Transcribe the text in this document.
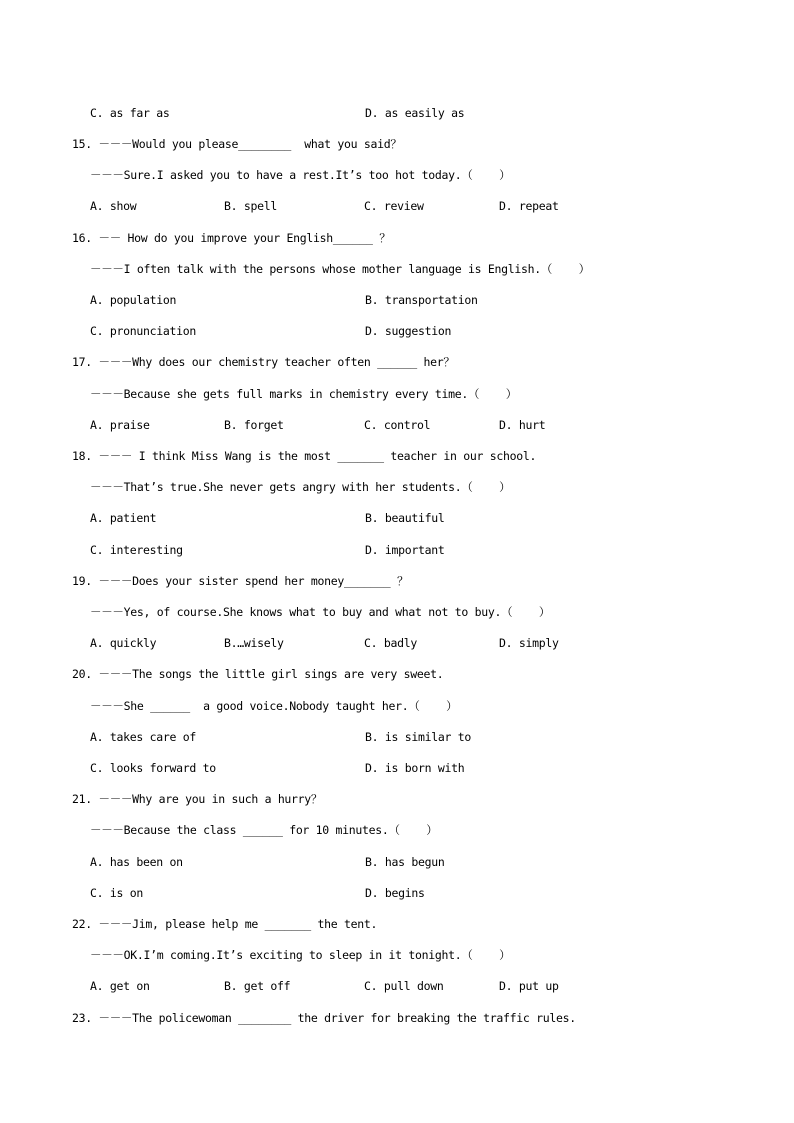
C. as far as	D. as easily as
15. －－－Would you please________  what you said？
－－－Sure.I asked you to have a rest.It’s too hot today.（    ）
A. show	B. spell	C. review	D. repeat
16. －－ How do you improve your English______ ？
－－－I often talk with the persons whose mother language is English.（    ）
A. population	B. transportation
C. pronunciation	D. suggestion
17. －－－Why does our chemistry teacher often ______ her？
－－－Because she gets full marks in chemistry every time.（    ）
A. praise	B. forget	C. control	D. hurt
18. －－－ I think Miss Wang is the most _______ teacher in our school.
－－－That’s true.She never gets angry with her students.（    ）
A. patient	B. beautiful
C. interesting	D. important
19. －－－Does your sister spend her money_______ ？
－－－Yes, of course.She knows what to buy and what not to buy.（    ）
A. quickly	B.…wisely	C. badly	D. simply
20. －－－The songs the little girl sings are very sweet.
－－－She ______  a good voice.Nobody taught her.（    ）
A. takes care of	B. is similar to
C. looks forward to	D. is born with
21. －－－Why are you in such a hurry？
－－－Because the class ______ for 10 minutes.（    ）
A. has been on	B. has begun
C. is on	D. begins
22. －－－Jim, please help me _______ the tent.
－－－OK.I’m coming.It’s exciting to sleep in it tonight.（    ）
A. get on	B. get off	C. pull down	D. put up
23. －－－The policewoman ________ the driver for breaking the traffic rules.
